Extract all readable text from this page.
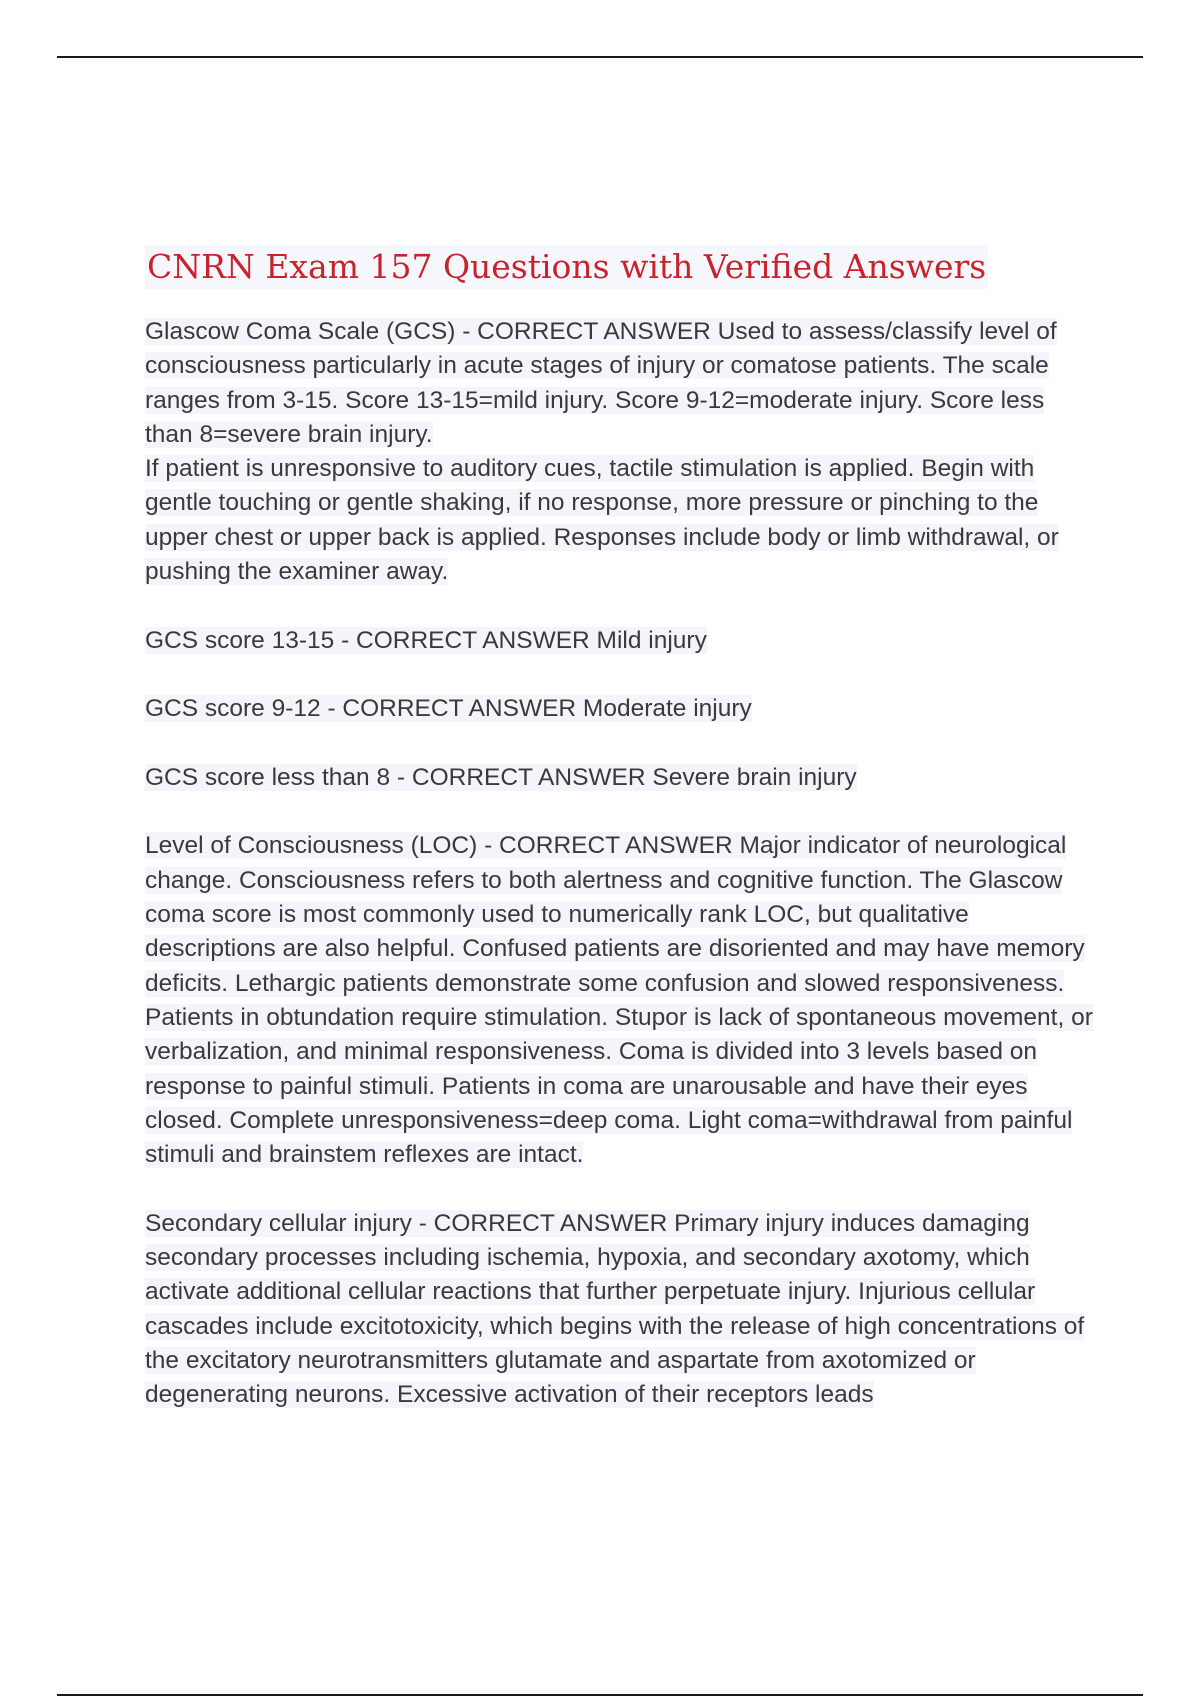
CNRN Exam 157 Questions with Verified Answers

Glascow Coma Scale (GCS) - CORRECT ANSWER Used to assess/classify level of consciousness particularly in acute stages of injury or comatose patients. The scale ranges from 3-15. Score 13-15=mild injury. Score 9-12=moderate injury. Score less than 8=severe brain injury.

If patient is unresponsive to auditory cues, tactile stimulation is applied. Begin with gentle touching or gentle shaking, if no response, more pressure or pinching to the upper chest or upper back is applied. Responses include body or limb withdrawal, or pushing the examiner away.

GCS score 13-15 - CORRECT ANSWER Mild injury

GCS score 9-12 - CORRECT ANSWER Moderate injury

GCS score less than 8 - CORRECT ANSWER Severe brain injury

Level of Consciousness (LOC) - CORRECT ANSWER Major indicator of neurological change. Consciousness refers to both alertness and cognitive function. The Glascow coma score is most commonly used to numerically rank LOC, but qualitative descriptions are also helpful. Confused patients are disoriented and may have memory deficits. Lethargic patients demonstrate some confusion and slowed responsiveness. Patients in obtundation require stimulation. Stupor is lack of spontaneous movement, or verbalization, and minimal responsiveness. Coma is divided into 3 levels based on response to painful stimuli. Patients in coma are unarousable and have their eyes closed. Complete unresponsiveness=deep coma. Light coma=withdrawal from painful stimuli and brainstem reflexes are intact.

Secondary cellular injury - CORRECT ANSWER Primary injury induces damaging secondary processes including ischemia, hypoxia, and secondary axotomy, which activate additional cellular reactions that further perpetuate injury. Injurious cellular cascades include excitotoxicity, which begins with the release of high concentrations of the excitatory neurotransmitters glutamate and aspartate from axotomized or degenerating neurons. Excessive activation of their receptors leads
